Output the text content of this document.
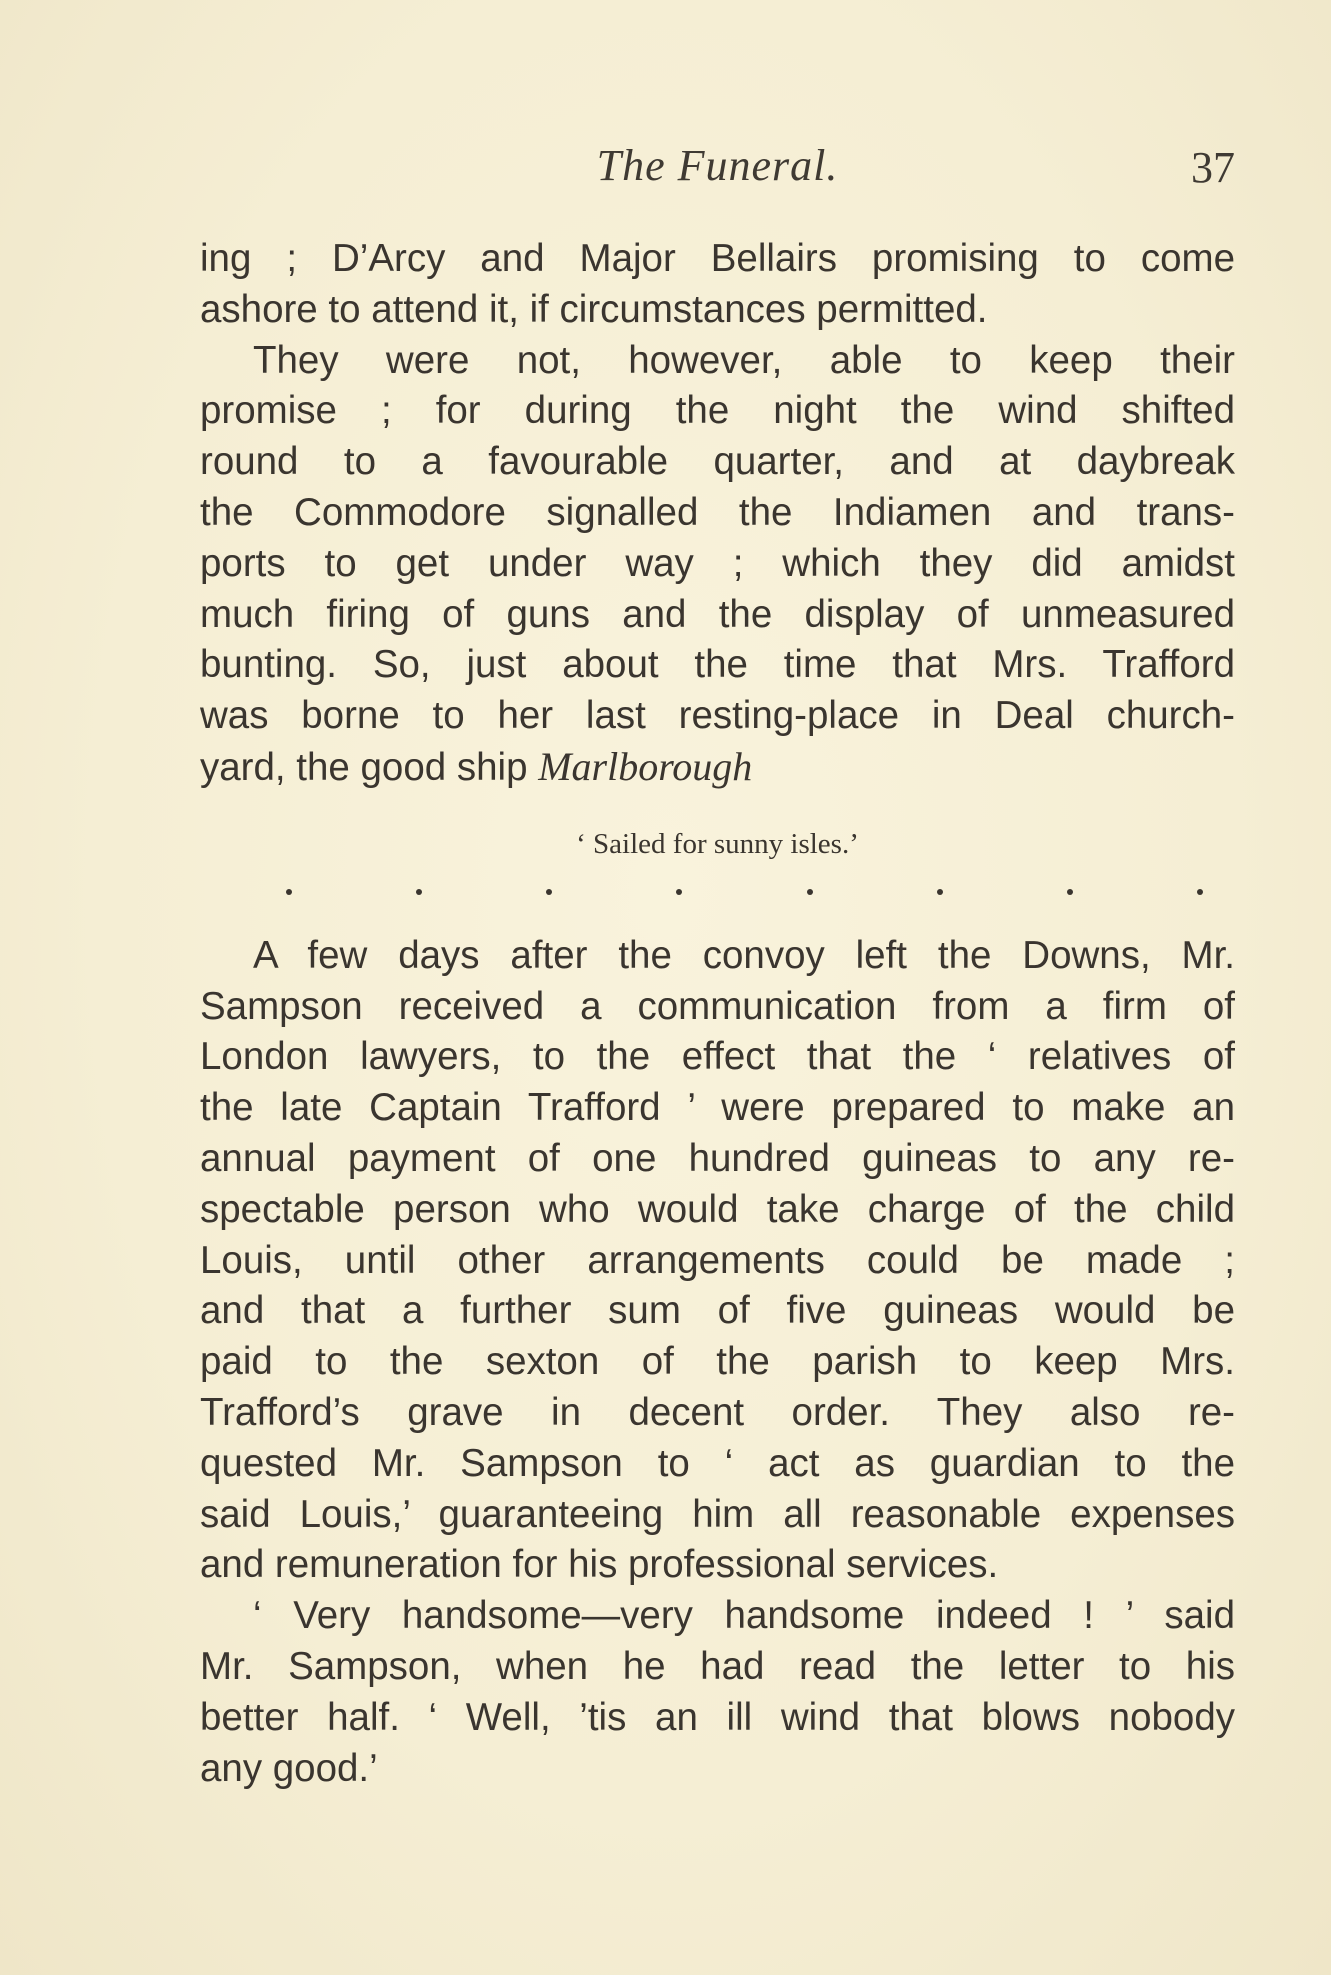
The Funeral.	37
ing ; D’Arcy and Major Bellairs promising to come
ashore to attend it, if circumstances permitted.
They were not, however, able to keep their
promise ; for during the night the wind shifted
round to a favourable quarter, and at daybreak
the Commodore signalled the Indiamen and trans-
ports to get under way ; which they did amidst
much firing of guns and the display of unmeasured
bunting. So, just about the time that Mrs. Trafford
was borne to her last resting-place in Deal church-
yard, the good ship Marlborough
‘ Sailed for sunny isles.’
A few days after the convoy left the Downs, Mr.
Sampson received a communication from a firm of
London lawyers, to the effect that the ‘ relatives of
the late Captain Trafford ’ were prepared to make an
annual payment of one hundred guineas to any re-
spectable person who would take charge of the child
Louis, until other arrangements could be made ;
and that a further sum of five guineas would be
paid to the sexton of the parish to keep Mrs.
Trafford’s grave in decent order. They also re-
quested Mr. Sampson to ‘ act as guardian to the
said Louis,’ guaranteeing him all reasonable expenses
and remuneration for his professional services.
‘ Very handsome—very handsome indeed ! ’ said
Mr. Sampson, when he had read the letter to his
better half. ‘ Well, ’tis an ill wind that blows nobody
any good.’
